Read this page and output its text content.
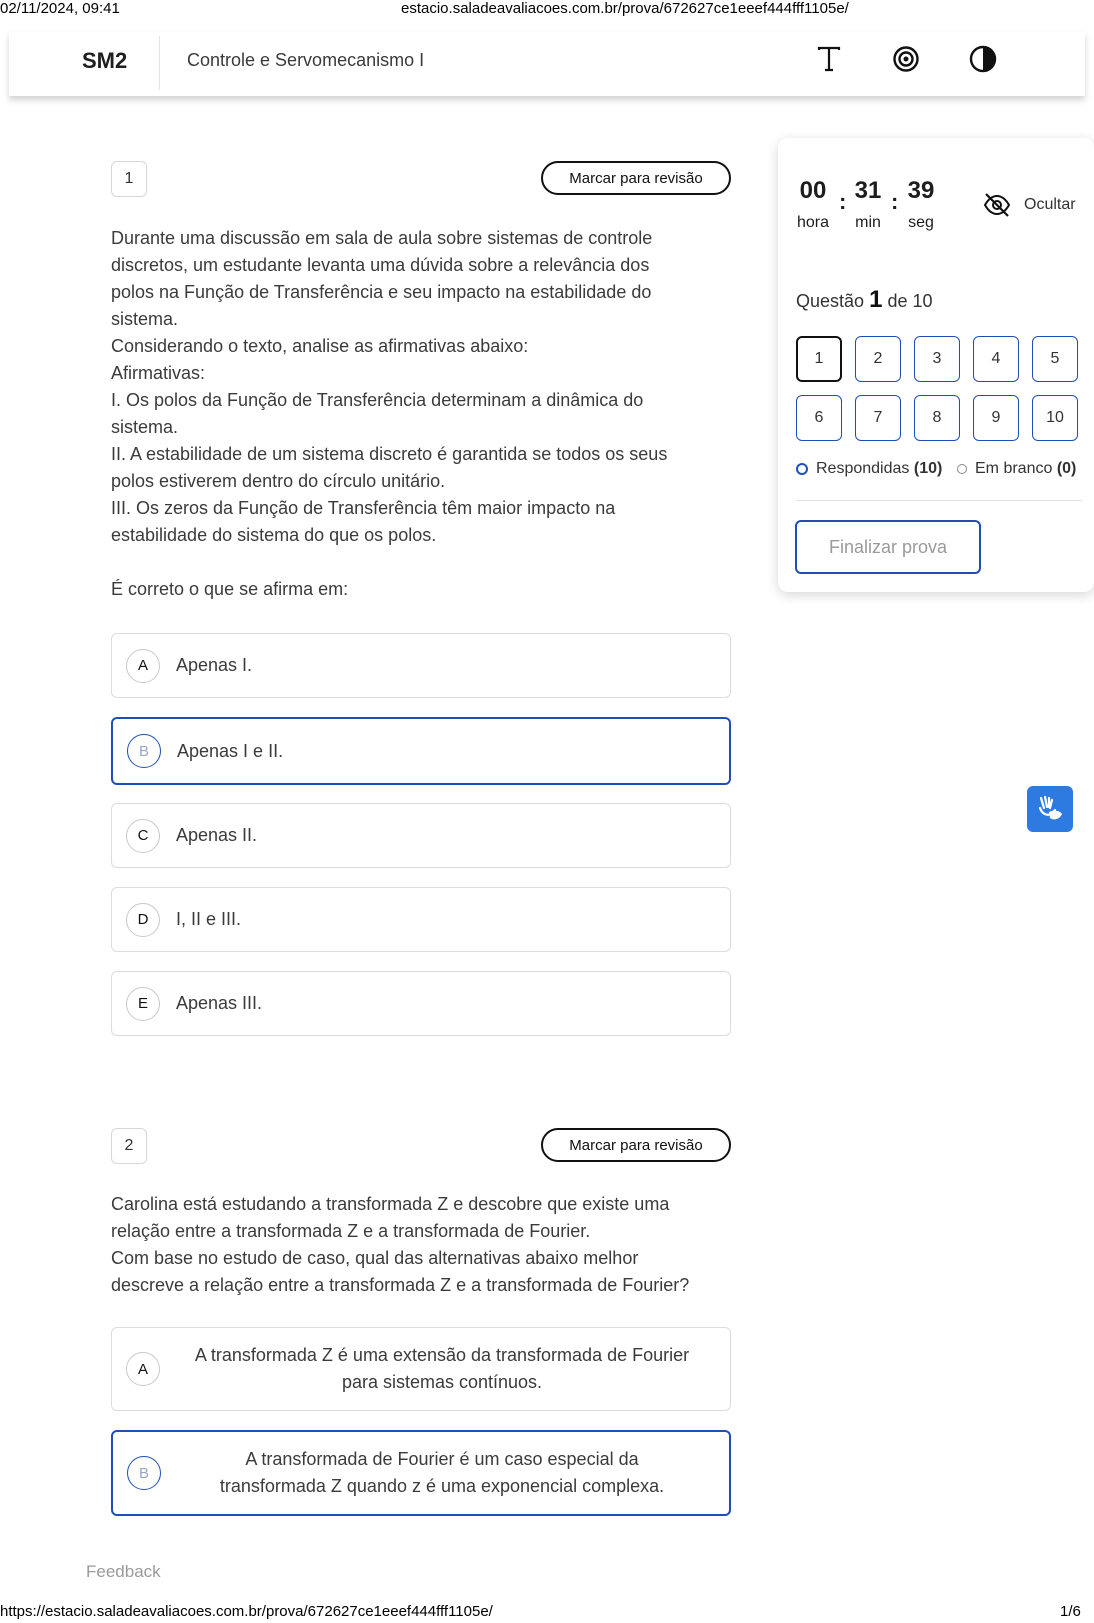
02/11/2024, 09:41	estacio.saladeavaliacoes.com.br/prova/672627ce1eeef444fff1105e/
SM2	Controle e Servomecanismo I
1	Marcar para revisão
Durante uma discussão em sala de aula sobre sistemas de controle
discretos, um estudante levanta uma dúvida sobre a relevância dos
polos na Função de Transferência e seu impacto na estabilidade do
sistema.
Considerando o texto, analise as afirmativas abaixo:
Afirmativas:
I. Os polos da Função de Transferência determinam a dinâmica do
sistema.
II. A estabilidade de um sistema discreto é garantida se todos os seus
polos estiverem dentro do círculo unitário.
III. Os zeros da Função de Transferência têm maior impacto na
estabilidade do sistema do que os polos.

É correto o que se afirma em:
A	Apenas I.
B	Apenas I e II.
C	Apenas II.
D	I, II e III.
E	Apenas III.
2	Marcar para revisão
Carolina está estudando a transformada Z e descobre que existe uma
relação entre a transformada Z e a transformada de Fourier.
Com base no estudo de caso, qual das alternativas abaixo melhor
descreve a relação entre a transformada Z e a transformada de Fourier?
A
A transformada Z é uma extensão da transformada de Fourier
para sistemas contínuos.
B
A transformada de Fourier é um caso especial da
transformada Z quando z é uma exponencial complexa.
00 : 31 : 39
hora	min	seg
Ocultar
Questão 1 de 10
1	2	3	4	5
6	7	8	9	10
Respondidas
(10) Em branco
(0)
Finalizar prova
Feedback
https://estacio.saladeavaliacoes.com.br/prova/672627ce1eeef444fff1105e/	1/6
